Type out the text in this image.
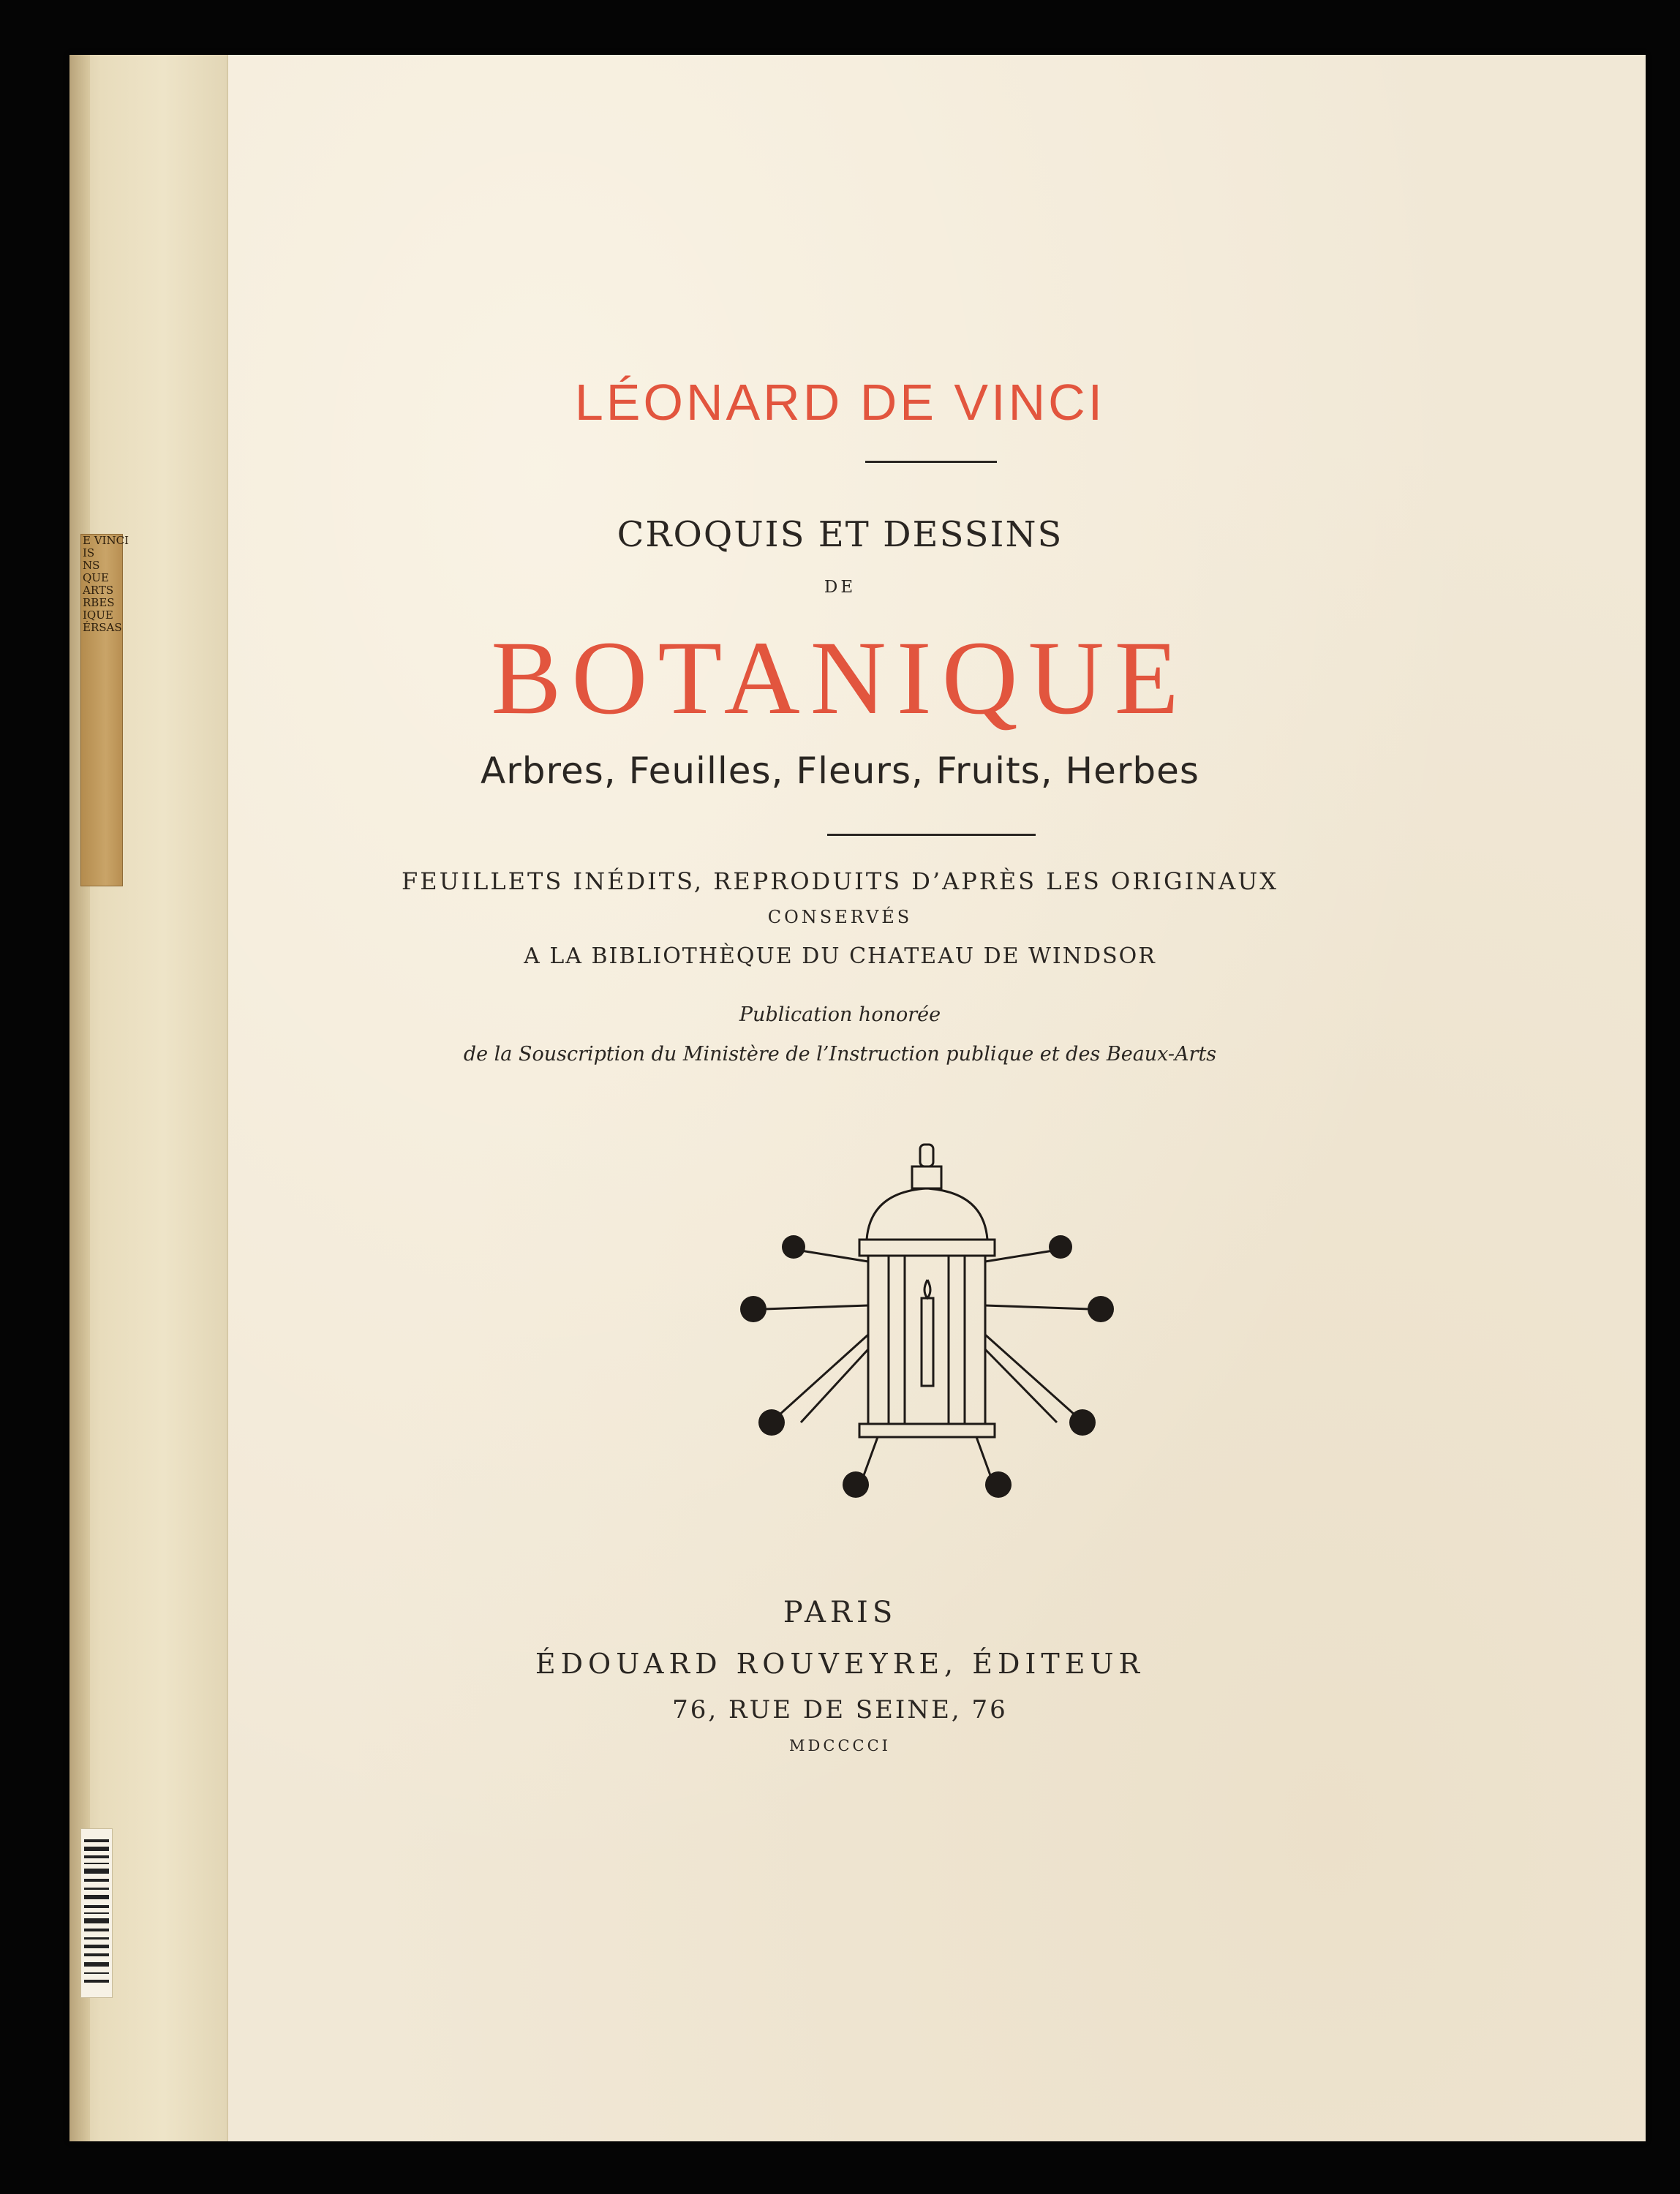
E VINCI
IS
NS
QUE
ARTS
RBES
IQUE
ÉRSAS
LÉONARD DE VINCI
CROQUIS ET DESSINS
DE
BOTANIQUE
Arbres, Feuilles, Fleurs, Fruits, Herbes
FEUILLETS INÉDITS, REPRODUITS D’APRÈS LES ORIGINAUX
CONSERVÉS
A LA BIBLIOTHÈQUE DU CHATEAU DE WINDSOR
Publication honorée
de la Souscription du Ministère de l’Instruction publique et des Beaux-Arts
PARIS
ÉDOUARD ROUVEYRE, ÉDITEUR
76, RUE DE SEINE, 76
MDCCCCI
